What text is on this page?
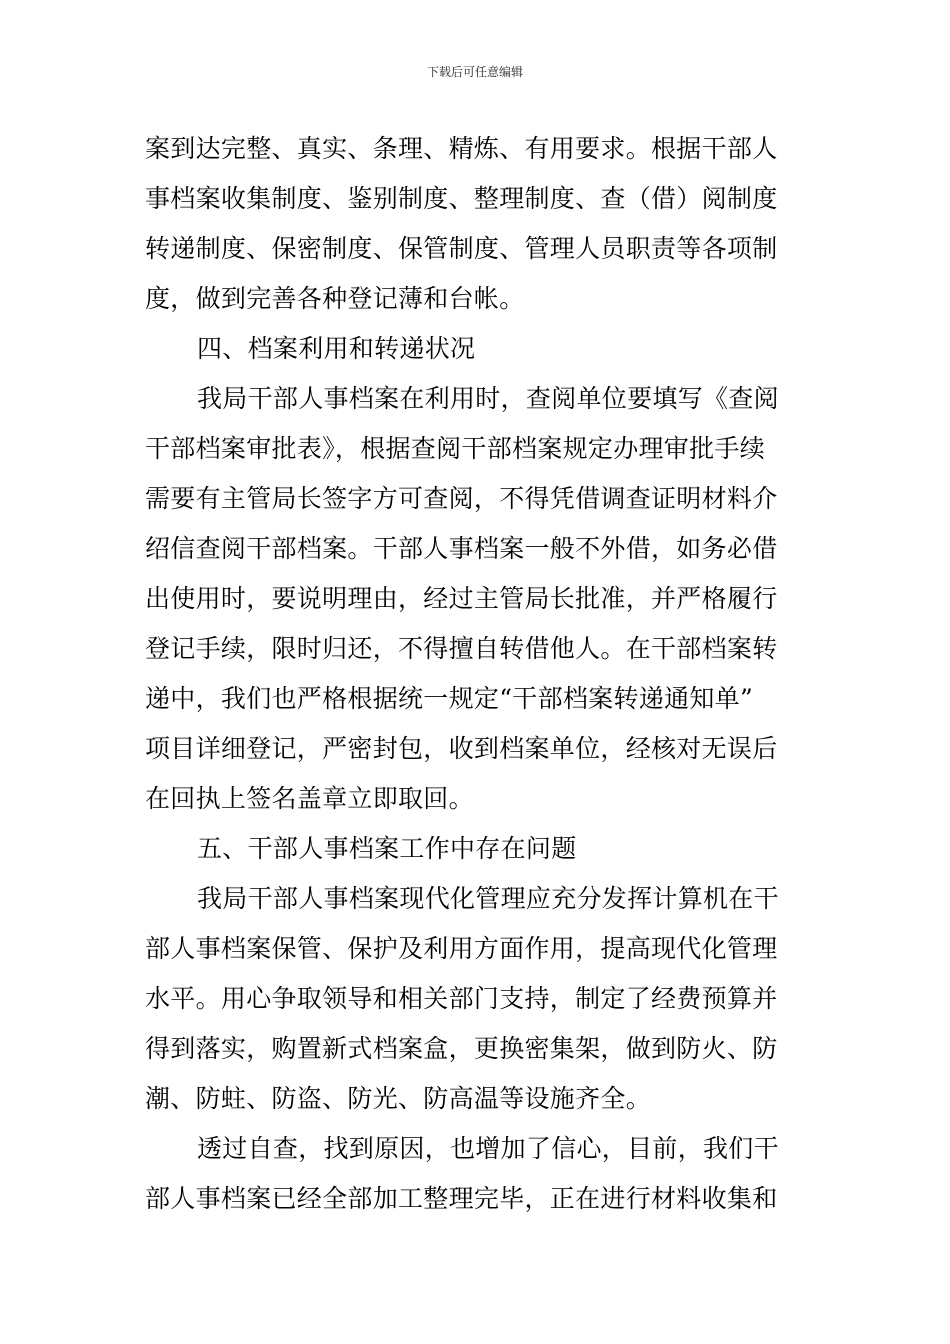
下载后可任意编辑
案到达完整、真实、条理、精炼、有用要求。根据干部人
事档案收集制度、鉴别制度、整理制度、查（借）阅制度
转递制度、保密制度、保管制度、管理人员职责等各项制
度，做到完善各种登记薄和台帐。
四、档案利用和转递状况
我局干部人事档案在利用时，查阅单位要填写《查阅
干部档案审批表》，根据查阅干部档案规定办理审批手续
需要有主管局长签字方可查阅，不得凭借调查证明材料介
绍信查阅干部档案。干部人事档案一般不外借，如务必借
出使用时，要说明理由，经过主管局长批准，并严格履行
登记手续，限时归还，不得擅自转借他人。在干部档案转
递中，我们也严格根据统一规定“干部档案转递通知单”
项目详细登记，严密封包，收到档案单位，经核对无误后
在回执上签名盖章立即取回。
五、干部人事档案工作中存在问题
我局干部人事档案现代化管理应充分发挥计算机在干
部人事档案保管、保护及利用方面作用，提高现代化管理
水平。用心争取领导和相关部门支持，制定了经费预算并
得到落实，购置新式档案盒，更换密集架，做到防火、防
潮、防蛀、防盗、防光、防高温等设施齐全。
透过自查，找到原因，也增加了信心，目前，我们干
部人事档案已经全部加工整理完毕，正在进行材料收集和
